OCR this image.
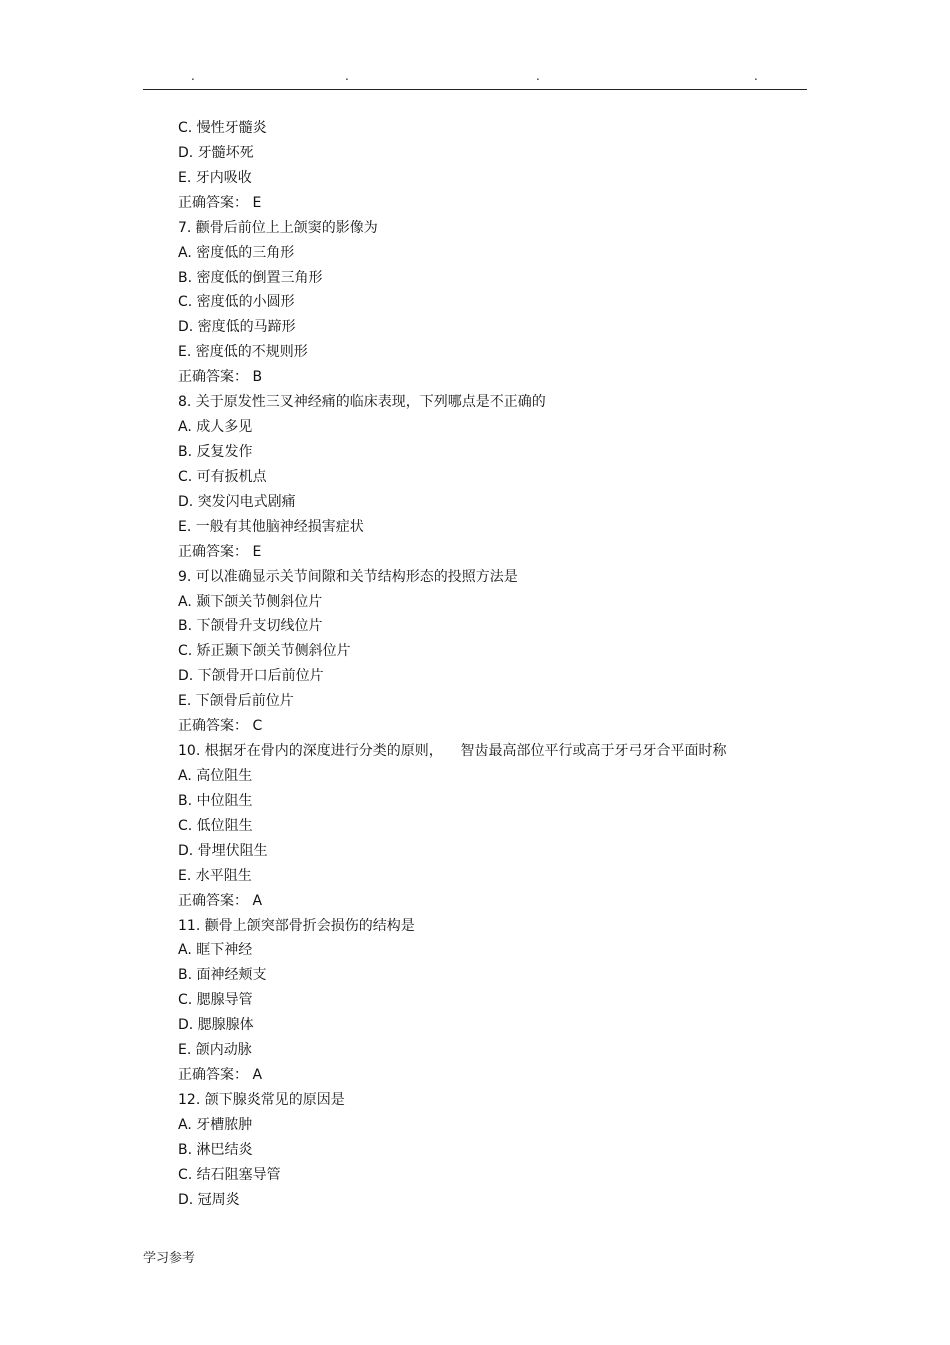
.	.	.	.
C. 慢性牙髓炎
D. 牙髓坏死
E. 牙内吸收
正确答案： E
7. 颧骨后前位上上颌窦的影像为
A. 密度低的三角形
B. 密度低的倒置三角形
C. 密度低的小圆形
D. 密度低的马蹄形
E. 密度低的不规则形
正确答案： B
8. 关于原发性三叉神经痛的临床表现，下列哪点是不正确的
A. 成人多见
B. 反复发作
C. 可有扳机点
D. 突发闪电式剧痛
E. 一般有其他脑神经损害症状
正确答案： E
9. 可以准确显示关节间隙和关节结构形态的投照方法是
A. 颞下颌关节侧斜位片
B. 下颌骨升支切线位片
C. 矫正颞下颌关节侧斜位片
D. 下颌骨开口后前位片
E. 下颌骨后前位片
正确答案： C
10. 根据牙在骨内的深度进行分类的原则，    智齿最高部位平行或高于牙弓牙合平面时称
A. 高位阻生
B. 中位阻生
C. 低位阻生
D. 骨埋伏阻生
E. 水平阻生
正确答案： A
11. 颧骨上颌突部骨折会损伤的结构是
A. 眶下神经
B. 面神经颊支
C. 腮腺导管
D. 腮腺腺体
E. 颌内动脉
正确答案： A
12. 颌下腺炎常见的原因是
A. 牙槽脓肿
B. 淋巴结炎
C. 结石阻塞导管
D. 冠周炎
学习参考
